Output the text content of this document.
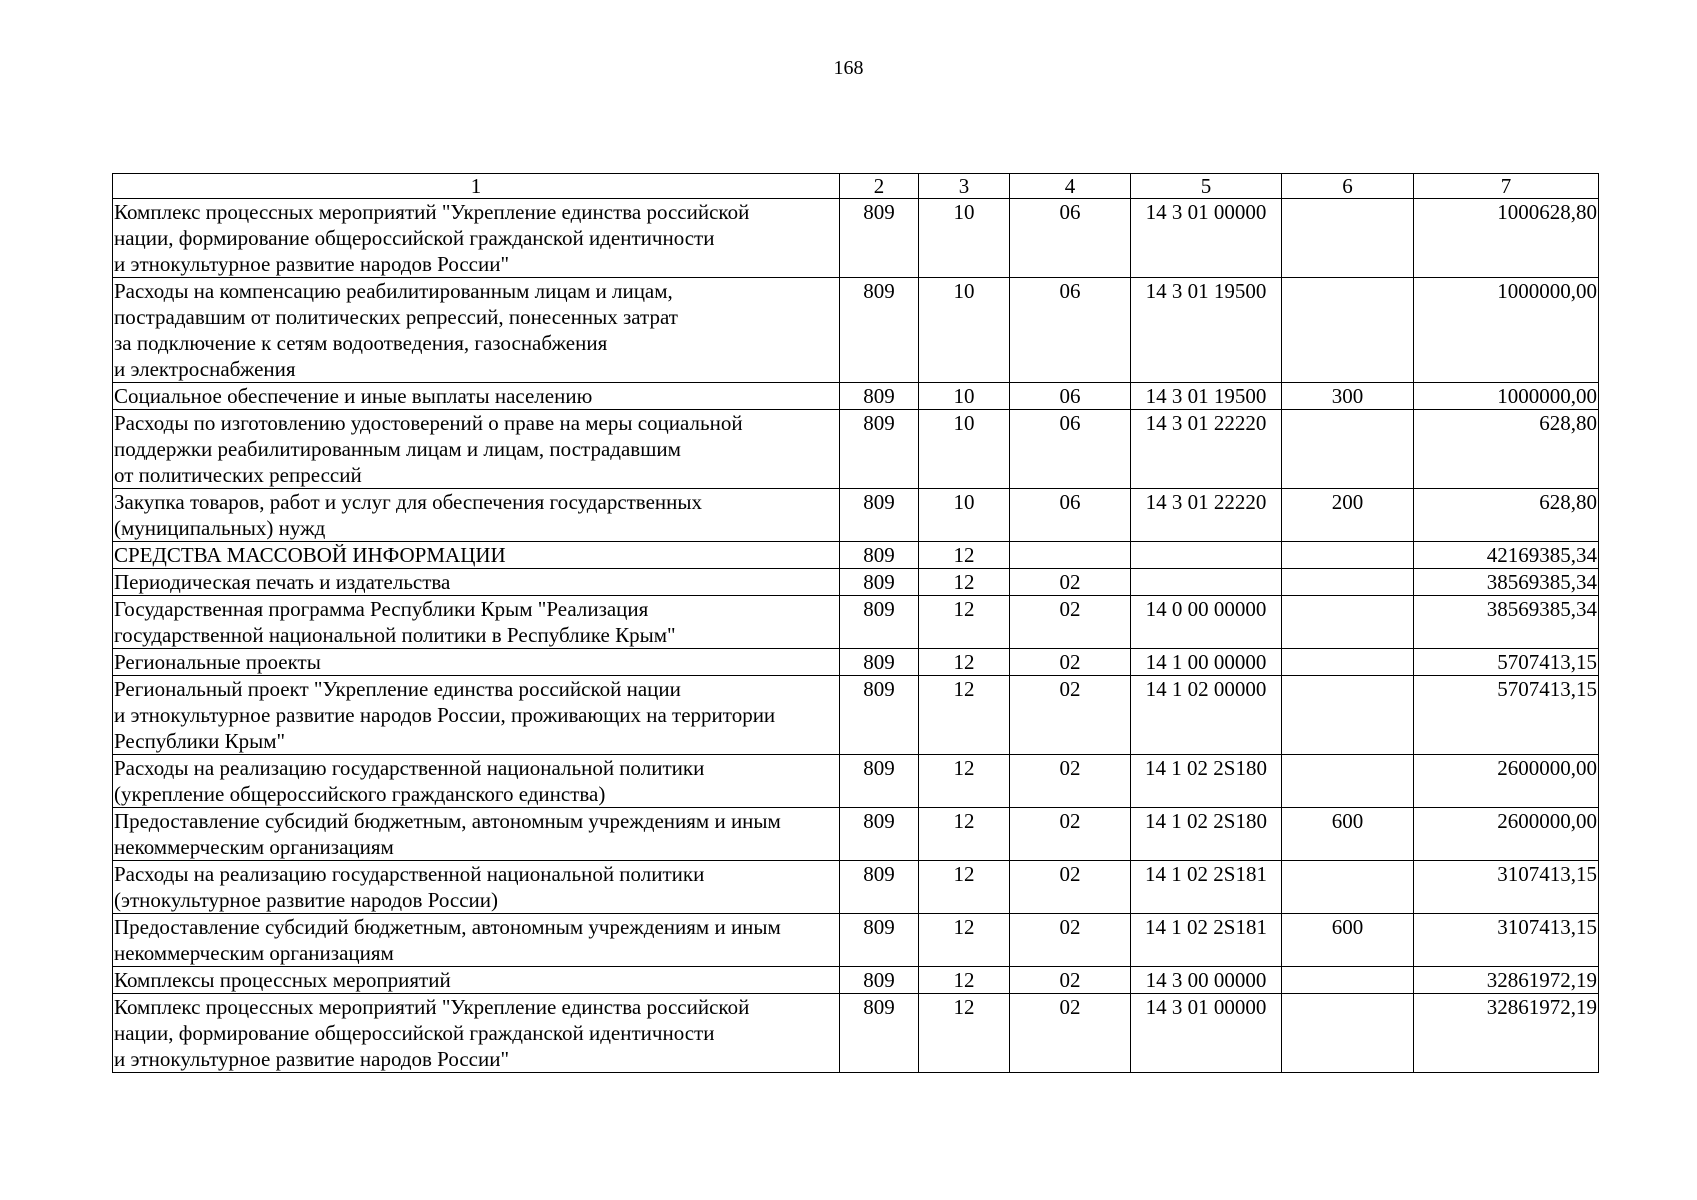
168
1	2	3	4	5	6	7

Комплекс процессных мероприятий "Укрепление единства российской
нации, формирование общероссийской гражданской идентичности
и этнокультурное развитие народов России"	809	10	06	14 3 01 00000		1000628,80

Расходы на компенсацию реабилитированным лицам и лицам,
пострадавшим от политических репрессий, понесенных затрат
за подключение к сетям водоотведения, газоснабжения
и электроснабжения	809	10	06	14 3 01 19500		1000000,00

Социальное обеспечение и иные выплаты населению	809	10	06	14 3 01 19500	300	1000000,00

Расходы по изготовлению удостоверений о праве на меры социальной
поддержки реабилитированным лицам и лицам, пострадавшим
от политических репрессий	809	10	06	14 3 01 22220		628,80

Закупка товаров, работ и услуг для обеспечения государственных
(муниципальных) нужд	809	10	06	14 3 01 22220	200	628,80

СРЕДСТВА МАССОВОЙ ИНФОРМАЦИИ	809	12				42169385,34

Периодическая печать и издательства	809	12	02			38569385,34

Государственная программа Республики Крым "Реализация
государственной национальной политики в Республике Крым"	809	12	02	14 0 00 00000		38569385,34

Региональные проекты	809	12	02	14 1 00 00000		5707413,15

Региональный проект "Укрепление единства российской нации
и этнокультурное развитие народов России, проживающих на территории
Республики Крым"	809	12	02	14 1 02 00000		5707413,15

Расходы на реализацию государственной национальной политики
(укрепление общероссийского гражданского единства)	809	12	02	14 1 02 2S180		2600000,00

Предоставление субсидий бюджетным, автономным учреждениям и иным
некоммерческим организациям	809	12	02	14 1 02 2S180	600	2600000,00

Расходы на реализацию государственной национальной политики
(этнокультурное развитие народов России)	809	12	02	14 1 02 2S181		3107413,15

Предоставление субсидий бюджетным, автономным учреждениям и иным
некоммерческим организациям	809	12	02	14 1 02 2S181	600	3107413,15

Комплексы процессных мероприятий	809	12	02	14 3 00 00000		32861972,19

Комплекс процессных мероприятий "Укрепление единства российской
нации, формирование общероссийской гражданской идентичности
и этнокультурное развитие народов России"	809	12	02	14 3 01 00000		32861972,19
